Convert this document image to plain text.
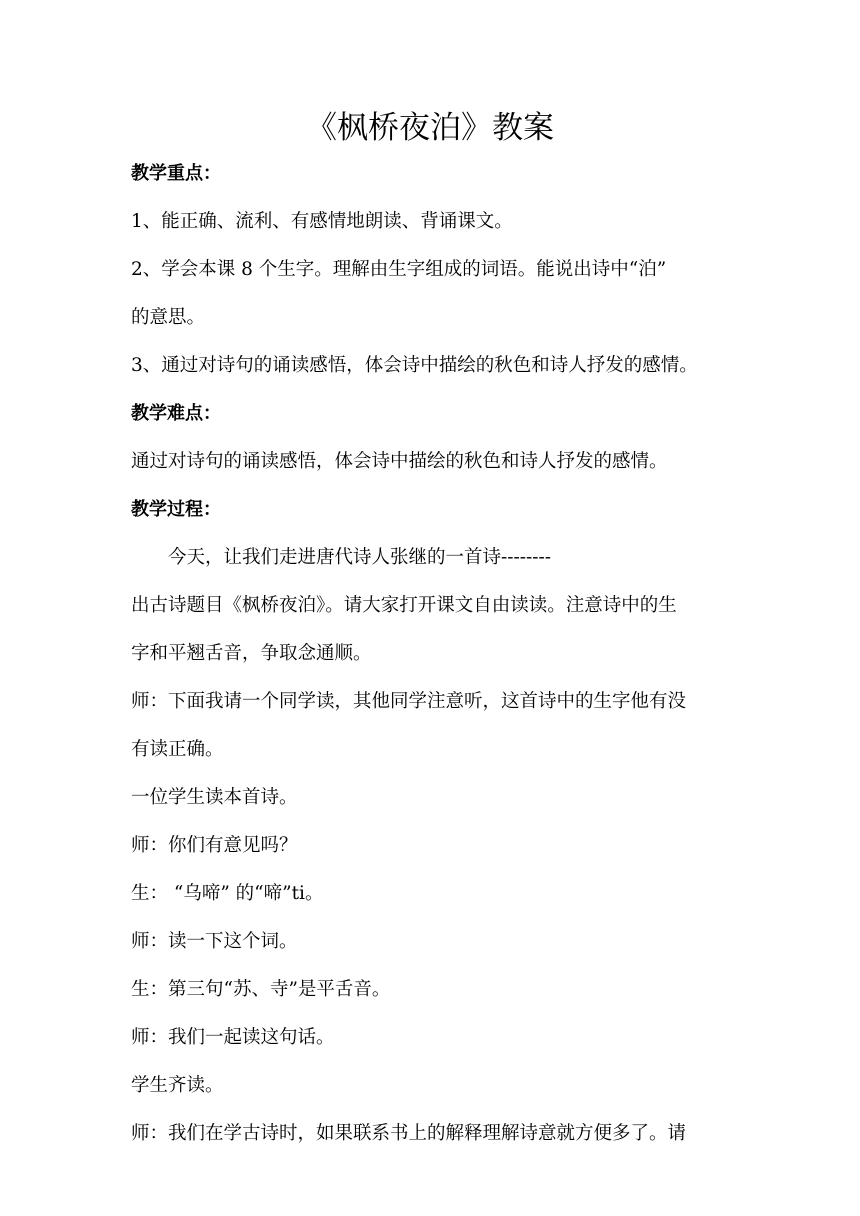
《枫桥夜泊》教案
教学重点：
1、能正确、流利、有感情地朗读、背诵课文。
2、学会本课 8 个生字。理解由生字组成的词语。能说出诗中“泊”
的意思。
3、通过对诗句的诵读感悟，体会诗中描绘的秋色和诗人抒发的感情。
教学难点：
通过对诗句的诵读感悟，体会诗中描绘的秋色和诗人抒发的感情。
教学过程：
今天，让我们走进唐代诗人张继的一首诗--------
出古诗题目《枫桥夜泊》。请大家打开课文自由读读。注意诗中的生
字和平翘舌音，争取念通顺。
师：下面我请一个同学读，其他同学注意听，这首诗中的生字他有没
有读正确。
一位学生读本首诗。
师：你们有意见吗？
生： “乌啼” 的“啼”ti。
师：读一下这个词。
生：第三句“苏、寺”是平舌音。
师：我们一起读这句话。
学生齐读。
师：我们在学古诗时，如果联系书上的解释理解诗意就方便多了。请
